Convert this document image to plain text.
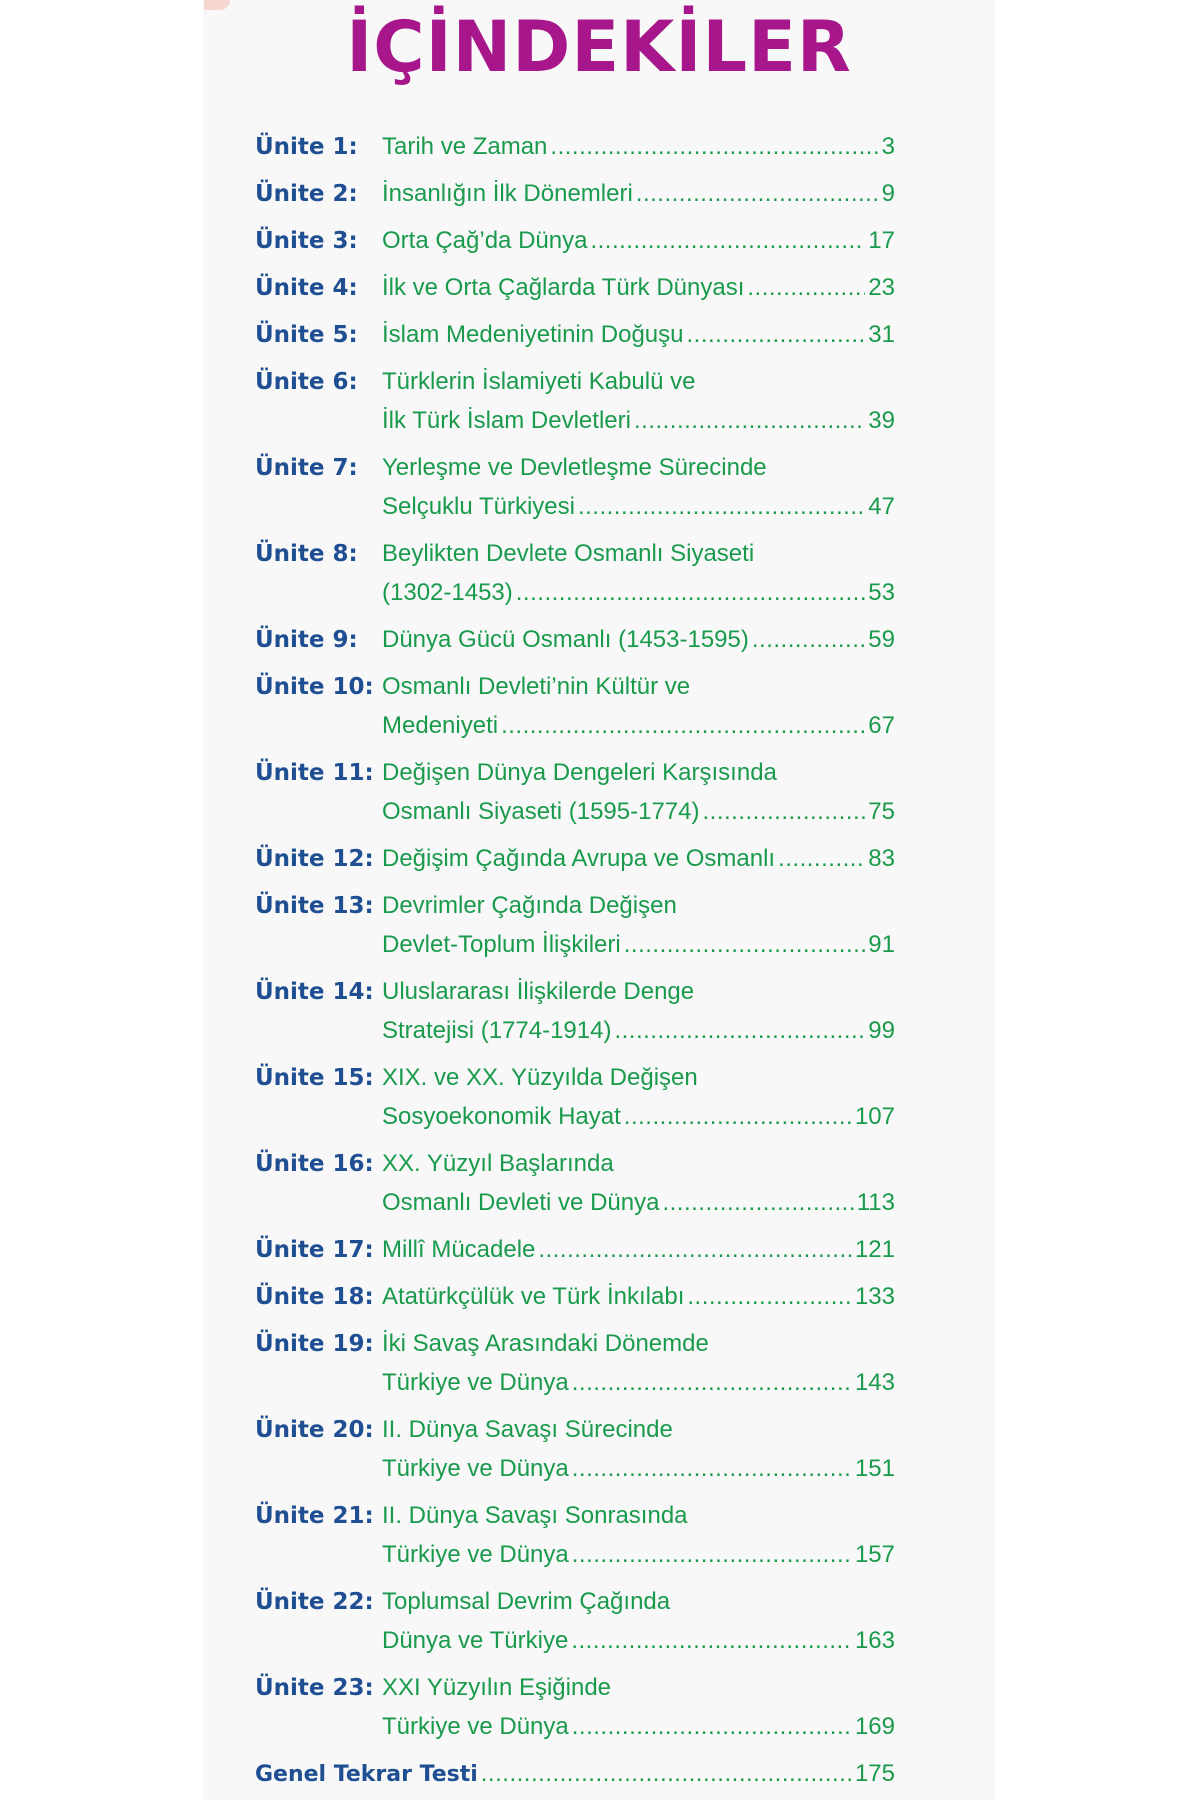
İÇİNDEKİLER
Ünite 1: Tarih ve Zaman .....	3
Ünite 2: İnsanlığın İlk Dönemleri .....	9
Ünite 3: Orta Çağ’da Dünya .....	17
Ünite 4: İlk ve Orta Çağlarda Türk Dünyası .....	23
Ünite 5: İslam Medeniyetinin Doğuşu .....	31
Ünite 6: Türklerin İslamiyeti Kabulü ve
İlk Türk İslam Devletleri .....	39
Ünite 7: Yerleşme ve Devletleşme Sürecinde
Selçuklu Türkiyesi .....	47
Ünite 8: Beylikten Devlete Osmanlı Siyaseti
(1302-1453) .....	53
Ünite 9: Dünya Gücü Osmanlı (1453-1595) .....	59
Ünite 10: Osmanlı Devleti’nin Kültür ve
Medeniyeti .....	67
Ünite 11: Değişen Dünya Dengeleri Karşısında
Osmanlı Siyaseti (1595-1774) .....	75
Ünite 12: Değişim Çağında Avrupa ve Osmanlı .....	83
Ünite 13: Devrimler Çağında Değişen
Devlet-Toplum İlişkileri .....	91
Ünite 14: Uluslararası İlişkilerde Denge
Stratejisi (1774-1914) .....	99
Ünite 15: XIX. ve XX. Yüzyılda Değişen
Sosyoekonomik Hayat .....	107
Ünite 16: XX. Yüzyıl Başlarında
Osmanlı Devleti ve Dünya .....	113
Ünite 17: Millî Mücadele .....	121
Ünite 18: Atatürkçülük ve Türk İnkılabı .....	133
Ünite 19: İki Savaş Arasındaki Dönemde
Türkiye ve Dünya .....	143
Ünite 20: II. Dünya Savaşı Sürecinde
Türkiye ve Dünya .....	151
Ünite 21: II. Dünya Savaşı Sonrasında
Türkiye ve Dünya .....	157
Ünite 22: Toplumsal Devrim Çağında
Dünya ve Türkiye .....	163
Ünite 23: XXI Yüzyılın Eşiğinde
Türkiye ve Dünya .....	169
Genel Tekrar Testi .....	175
